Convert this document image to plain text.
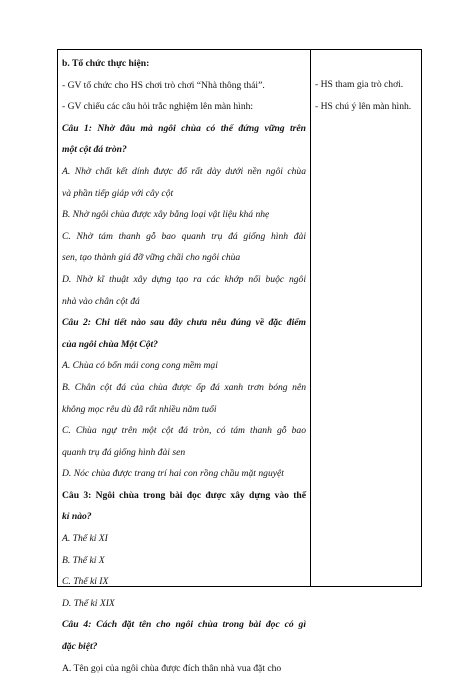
b. Tổ chức thực hiện:
- GV tổ chức cho HS chơi trò chơi “Nhà thông thái”.
- GV chiếu các câu hỏi trắc nghiệm lên màn hình:
Câu 1: Nhờ đâu mà ngôi chùa có thể đứng vững trên
một cột đá tròn?
A. Nhờ chất kết dính được đổ rất dày dưới nền ngôi chùa
và phần tiếp giáp với cây cột
B. Nhờ ngôi chùa được xây bằng loại vật liệu khá nhẹ
C. Nhờ tám thanh gỗ bao quanh trụ đá giống hình đài
sen, tạo thành giá đỡ vững chãi cho ngôi chùa
D. Nhờ kĩ thuật xây dựng tạo ra các khớp nối buộc ngôi
nhà vào chân cột đá
Câu 2: Chi tiết nào sau đây chưa nêu đúng về đặc điểm
của ngôi chùa Một Cột?
A. Chùa có bốn mái cong cong mềm mại
B. Chân cột đá của chùa được ốp đá xanh trơn bóng nên
không mọc rêu dù đã rất nhiều năm tuổi
C. Chùa ngự trên một cột đá tròn, có tám thanh gỗ bao
quanh trụ đá giống hình đài sen
D. Nóc chùa được trang trí hai con rồng chầu mặt nguyệt
Câu 3: Ngôi chùa trong bài đọc được xây dựng vào thế
kỉ nào?
A. Thế kỉ XI
B. Thế kỉ X
C. Thế kỉ IX
D. Thế kỉ XIX
Câu 4: Cách đặt tên cho ngôi chùa trong bài đọc có gì
đặc biệt?
A. Tên gọi của ngôi chùa được đích thân nhà vua đặt cho
- HS tham gia trò chơi.
- HS chú ý lên màn hình.
